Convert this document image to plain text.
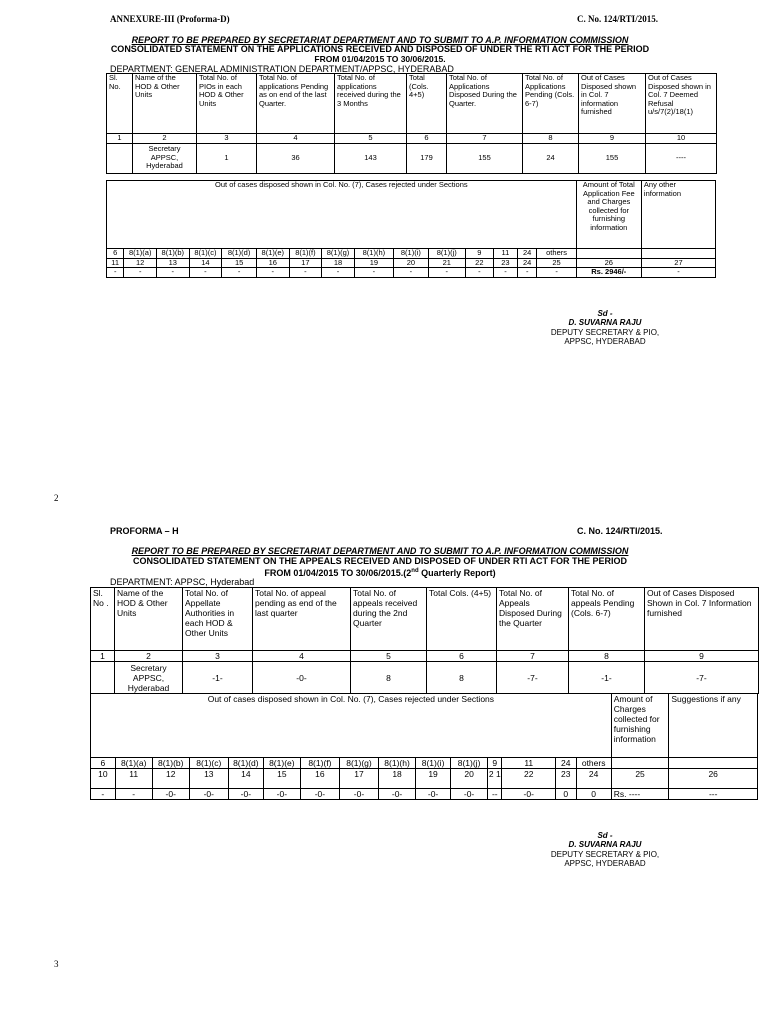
ANNEXURE-III (Proforma-D)	C. No. 124/RTI/2015.
REPORT TO BE PREPARED BY SECRETARIAT DEPARTMENT AND TO SUBMIT TO A.P. INFORMATION COMMISSION
CONSOLIDATED STATEMENT ON THE APPLICATIONS RECEIVED AND DISPOSED OF UNDER THE RTI ACT FOR THE PERIOD
FROM 01/04/2015 TO 30/06/2015.
DEPARTMENT: GENERAL ADMINISTRATION DEPARTMENT/APPSC, HYDERABAD
Sl. No.	Name of the HOD & Other Units	Total No. of PIOs in each HOD & Other Units	Total No. of applications Pending as on end of the last Quarter.	Total No. of applications received during the 3 Months	Total (Cols. 4+5)	Total No. of Applications Disposed During the Quarter.	Total No. of Applications Pending (Cols. 6-7)	Out of Cases Disposed shown in Col. 7 information furnished	Out of Cases Disposed shown in Col. 7 Deemed Refusal u/s/7(2)/18(1)
1	2	3	4	5	6	7	8	9	10
	Secretary APPSC, Hyderabad	1	36	143	179	155	24	155	----
Out of cases disposed shown in Col. No. (7), Cases rejected under Sections															Amount of Total Application Fee and Charges collected for furnishing information	Any other information
6	8(1)(a)	8(1)(b)	8(1)(c)	8(1)(d)	8(1)(e)	8(1)(f)	8(1)(g)	8(1)(h)	8(1)(i)	8(1)(j)	9	11	24	others		
11	12	13	14	15	16	17	18	19	20	21	22	23	24	25	26	27
-	-	-	-	-	-	-	-	-	-	-	-	-	-	-	Rs. 2946/-	-
Sd -
D. SUVARNA RAJU
DEPUTY SECRETARY & PIO,
APPSC, HYDERABAD
2
PROFORMA – H	C. No. 124/RTI/2015.
REPORT TO BE PREPARED BY SECRETARIAT DEPARTMENT AND TO SUBMIT TO A.P. INFORMATION COMMISSION
CONSOLIDATED STATEMENT ON THE APPEALS RECEIVED AND DISPOSED OF UNDER RTI ACT FOR THE PERIOD
FROM 01/04/2015 TO 30/06/2015.(2nd Quarterly Report)
DEPARTMENT: APPSC, Hyderabad
Sl. No .	Name of the HOD & Other Units	Total No. of Appellate Authorities in each HOD & Other Units	Total No. of appeal pending as end of the last quarter	Total No. of appeals received during the 2nd Quarter	Total Cols. (4+5)	Total No. of Appeals Disposed During the Quarter	Total No. of appeals Pending (Cols. 6-7)	Out of Cases Disposed Shown in Col. 7 Information furnished
1	2	3	4	5	6	7	8	9
	Secretary APPSC, Hyderabad	-1-	-0-	8	8	-7-	-1-	-7-
Out of cases disposed shown in Col. No. (7), Cases rejected under Sections															Amount of Charges collected for furnishing information	Suggestions if any
6	8(1)(a)	8(1)(b)	8(1)(c)	8(1)(d)	8(1)(e)	8(1)(f)	8(1)(g)	8(1)(h)	8(1)(i)	8(1)(j)	9	11	24	others		
10	11	12	13	14	15	16	17	18	19	20	2 1	22	23	24	25	26
-	-	-0-	-0-	-0-	-0-	-0-	-0-	-0-	-0-	-0-	--	-0-	0	0	Rs. ----	---
Sd -
D. SUVARNA RAJU
DEPUTY SECRETARY & PIO,
APPSC, HYDERABAD
3
